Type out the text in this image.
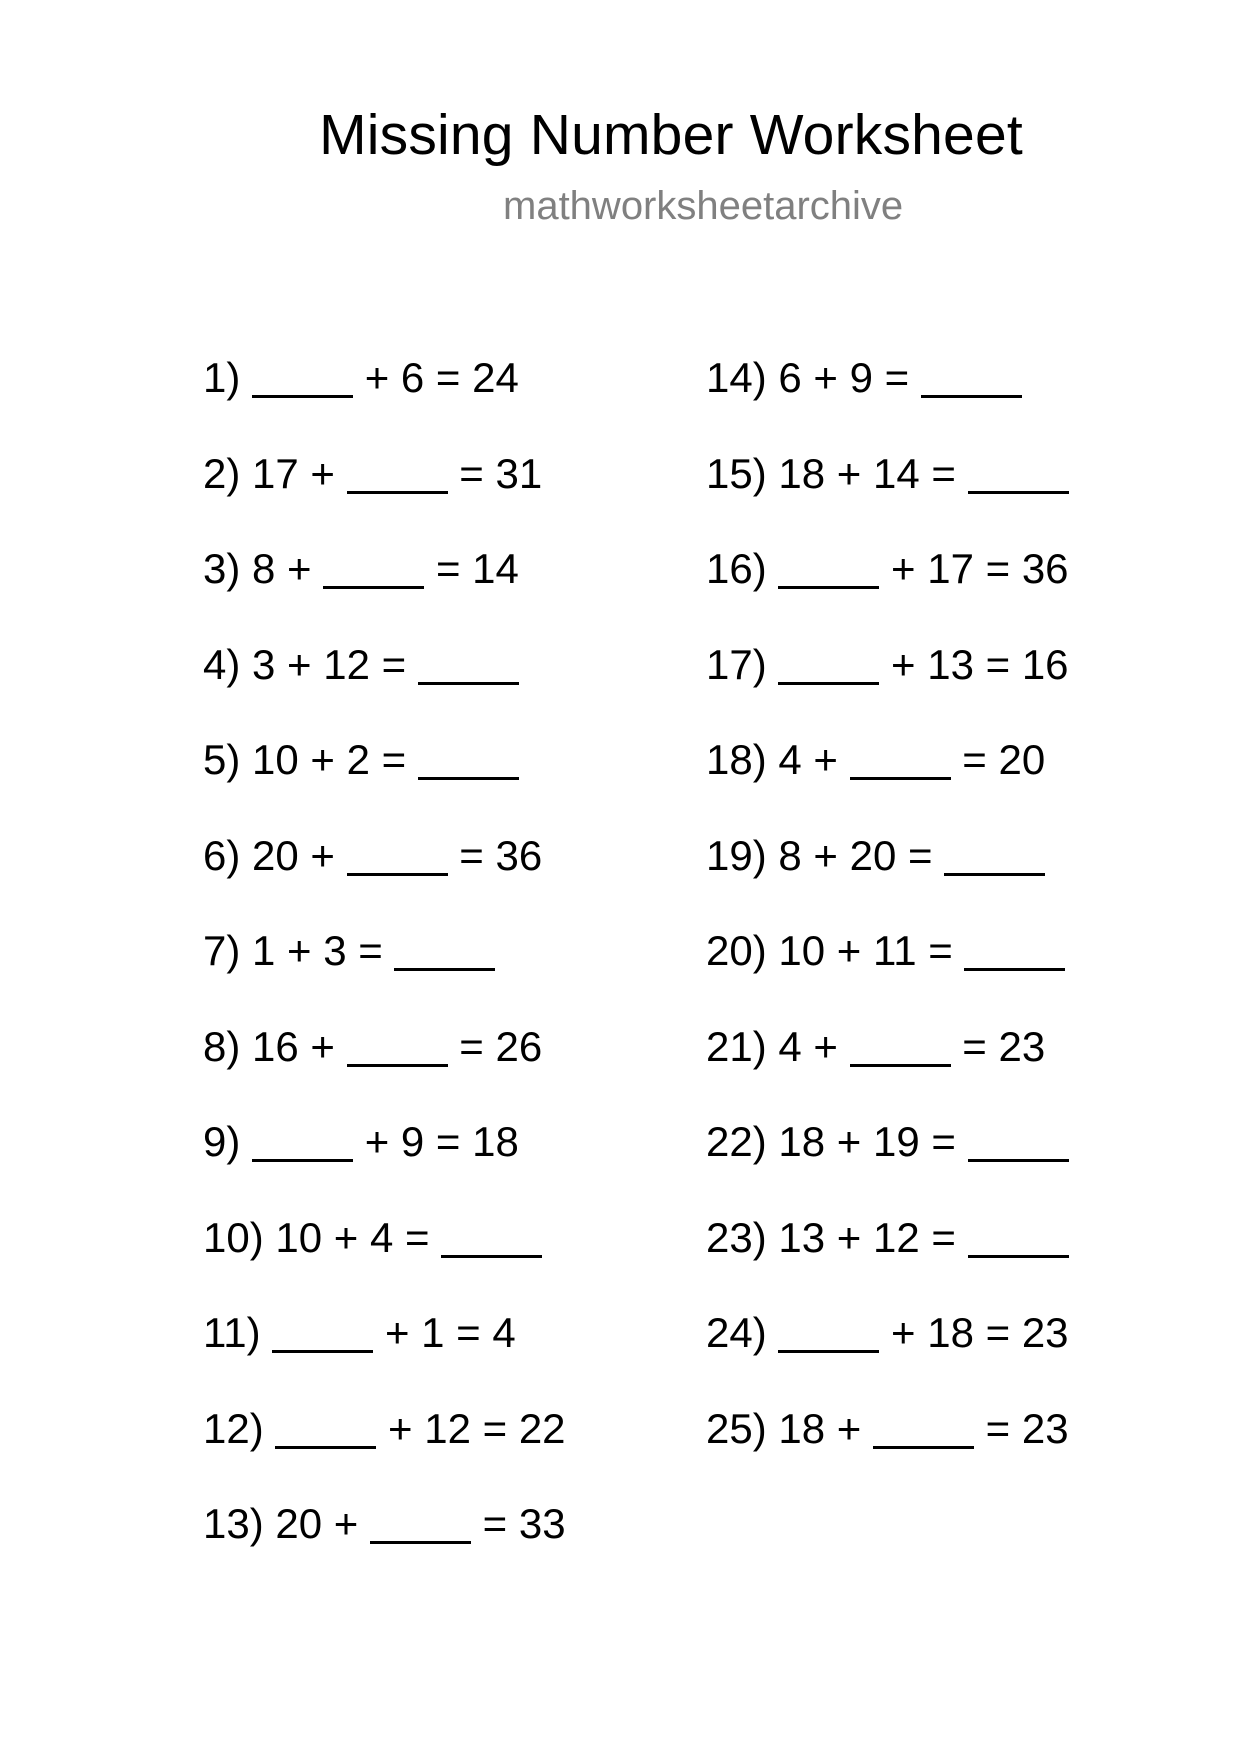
Missing Number Worksheet
mathworksheetarchive
1)	+ 6 = 24
2) 17 +	= 31
3) 8 +	= 14
4) 3 + 12 =
5) 10 + 2 =
6) 20 +	= 36
7) 1 + 3 =
8) 16 +	= 26
9)	+ 9 = 18
10) 10 + 4 =
11)	+ 1 = 4
12)	+ 12 = 22
13) 20 +	= 33
14) 6 + 9 =
15) 18 + 14 =
16)	+ 17 = 36
17)	+ 13 = 16
18) 4 +	= 20
19) 8 + 20 =
20) 10 + 11 =
21) 4 +	= 23
22) 18 + 19 =
23) 13 + 12 =
24)	+ 18 = 23
25) 18 +	= 23
